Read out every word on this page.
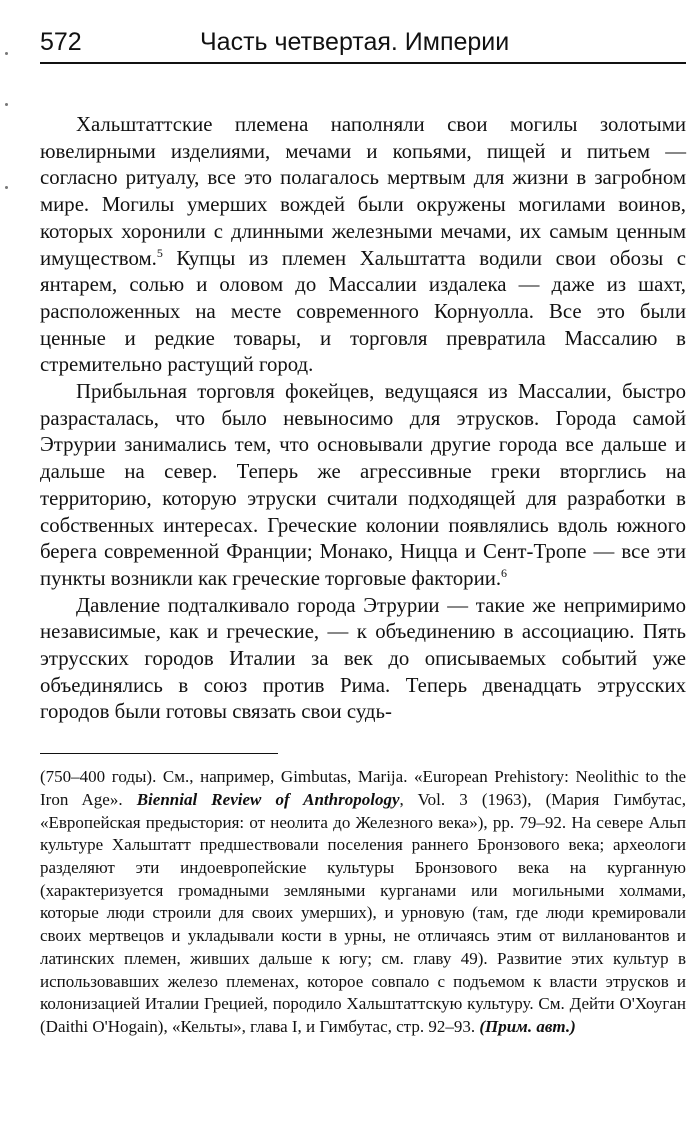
572	Часть четвертая. Империи

Хальштаттские племена наполняли свои могилы золотыми ювелирными изделиями, мечами и копьями, пищей и питьем — согласно ритуалу, все это полагалось мертвым для жизни в загробном мире. Могилы умерших вождей были окружены могилами воинов, которых хоронили с длинными железными мечами, их самым ценным имуществом.$^5$ Купцы из племен Хальштатта водили свои обозы с янтарем, солью и оловом до Массалии издалека — даже из шахт, расположенных на месте современного Корнуолла. Все это были ценные и редкие товары, и торговля превратила Массалию в стремительно растущий город.

Прибыльная торговля фокейцев, ведущаяся из Массалии, быстро разрасталась, что было невыносимо для этрусков. Города самой Этрурии занимались тем, что основывали другие города все дальше и дальше на север. Теперь же агрессивные греки вторглись на территорию, которую этруски считали подходящей для разработки в собственных интересах. Греческие колонии появлялись вдоль южного берега современной Франции; Монако, Ницца и Сент-Тропе — все эти пункты возникли как греческие торговые фактории.$^6$

Давление подталкивало города Этрурии — такие же непримиримо независимые, как и греческие, — к объединению в ассоциацию. Пять этрусских городов Италии за век до описываемых событий уже объединялись в союз против Рима. Теперь двенадцать этрусских городов были готовы связать свои судь-

(750–400 годы). См., например, Gimbutas, Marija. «European Prehistory: Neolithic to the Iron Age». Biennial Review of Anthropology, Vol. 3 (1963), (Мария Гимбутас, «Европейская предыстория: от неолита до Железного века»), pp. 79–92. На севере Альп культуре Хальштатт предшествовали поселения раннего Бронзового века; археологи разделяют эти индоевропейские культуры Бронзового века на курганную (характеризуется громадными земляными курганами или могильными холмами, которые люди строили для своих умерших), и урновую (там, где люди кремировали своих мертвецов и укладывали кости в урны, не отличаясь этим от виллановантов и латинских племен, живших дальше к югу; см. главу 49). Развитие этих культур в использовавших железо племенах, которое совпало с подъемом к власти этрусков и колонизацией Италии Грецией, породило Хальштаттскую культуру. См. Дейти О'Хоуган (Daithi O'Hogain), «Кельты», глава I, и Гимбутас, стр. 92–93. (Прим. авт.)
